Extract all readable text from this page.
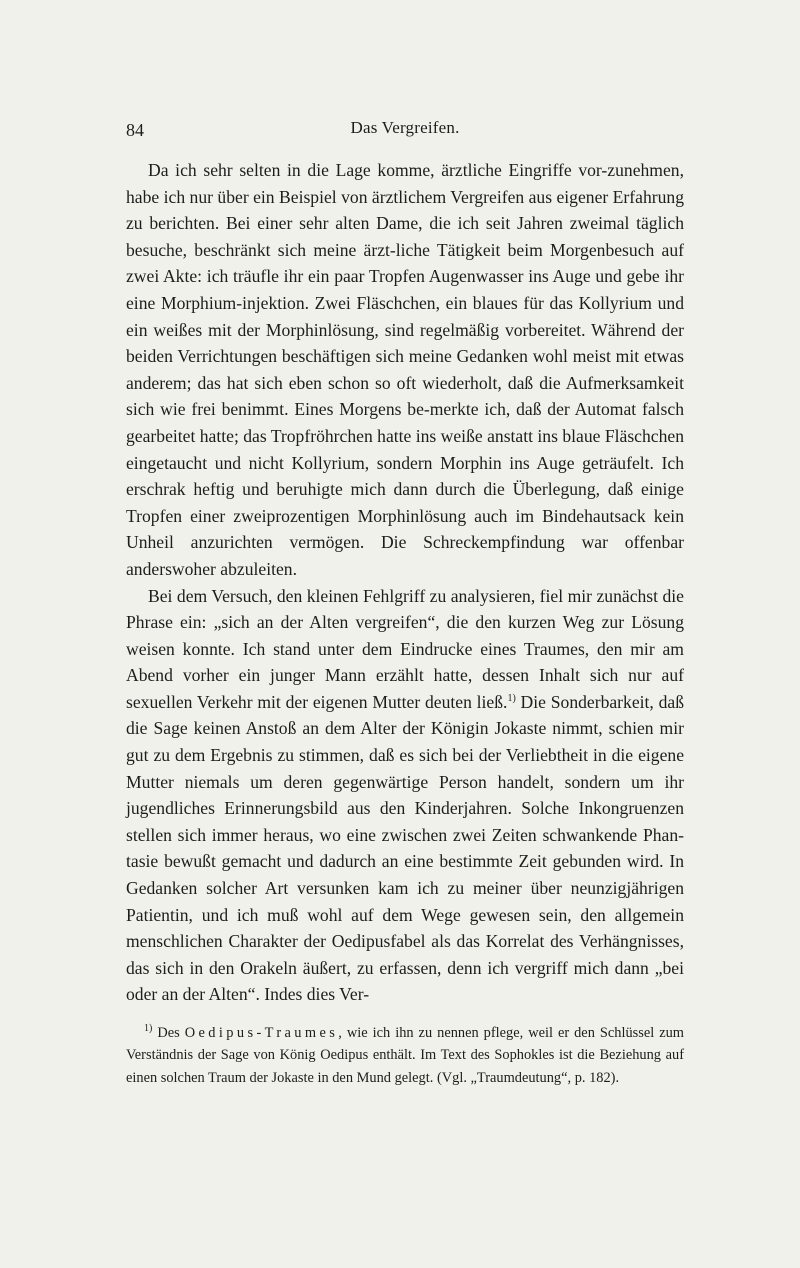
84	Das Vergreifen.

Da ich sehr selten in die Lage komme, ärztliche Eingriffe vor-zunehmen, habe ich nur über ein Beispiel von ärztlichem Vergreifen aus eigener Erfahrung zu berichten. Bei einer sehr alten Dame, die ich seit Jahren zweimal täglich besuche, beschränkt sich meine ärzt-liche Tätigkeit beim Morgenbesuch auf zwei Akte: ich träufle ihr ein paar Tropfen Augenwasser ins Auge und gebe ihr eine Morphium-injektion. Zwei Fläschchen, ein blaues für das Kollyrium und ein weißes mit der Morphinlösung, sind regelmäßig vorbereitet. Während der beiden Verrichtungen beschäftigen sich meine Gedanken wohl meist mit etwas anderem; das hat sich eben schon so oft wiederholt, daß die Aufmerksamkeit sich wie frei benimmt. Eines Morgens be-merkte ich, daß der Automat falsch gearbeitet hatte; das Tropfröhrchen hatte ins weiße anstatt ins blaue Fläschchen eingetaucht und nicht Kollyrium, sondern Morphin ins Auge geträufelt. Ich erschrak heftig und beruhigte mich dann durch die Überlegung, daß einige Tropfen einer zweiprozentigen Morphinlösung auch im Bindehautsack kein Unheil anzurichten vermögen. Die Schreckempfindung war offenbar anderswoher abzuleiten.

Bei dem Versuch, den kleinen Fehlgriff zu analysieren, fiel mir zunächst die Phrase ein: „sich an der Alten vergreifen“, die den kurzen Weg zur Lösung weisen konnte. Ich stand unter dem Eindrucke eines Traumes, den mir am Abend vorher ein junger Mann erzählt hatte, dessen Inhalt sich nur auf sexuellen Verkehr mit der eigenen Mutter deuten ließ.$^{1)}$ Die Sonderbarkeit, daß die Sage keinen Anstoß an dem Alter der Königin Jokaste nimmt, schien mir gut zu dem Ergebnis zu stimmen, daß es sich bei der Verliebtheit in die eigene Mutter niemals um deren gegenwärtige Person handelt, sondern um ihr jugendliches Erinnerungsbild aus den Kinderjahren. Solche Inkongruenzen stellen sich immer heraus, wo eine zwischen zwei Zeiten schwankende Phan-tasie bewußt gemacht und dadurch an eine bestimmte Zeit gebunden wird. In Gedanken solcher Art versunken kam ich zu meiner über neunzigjährigen Patientin, und ich muß wohl auf dem Wege gewesen sein, den allgemein menschlichen Charakter der Oedipusfabel als das Korrelat des Verhängnisses, das sich in den Orakeln äußert, zu erfassen, denn ich vergriff mich dann „bei oder an der Alten“. Indes dies Ver-

$^{1)}$ Des Oedipus-Traumes, wie ich ihn zu nennen pflege, weil er den Schlüssel zum Verständnis der Sage von König Oedipus enthält. Im Text des Sophokles ist die Beziehung auf einen solchen Traum der Jokaste in den Mund gelegt. (Vgl. „Traumdeutung“, p. 182).
